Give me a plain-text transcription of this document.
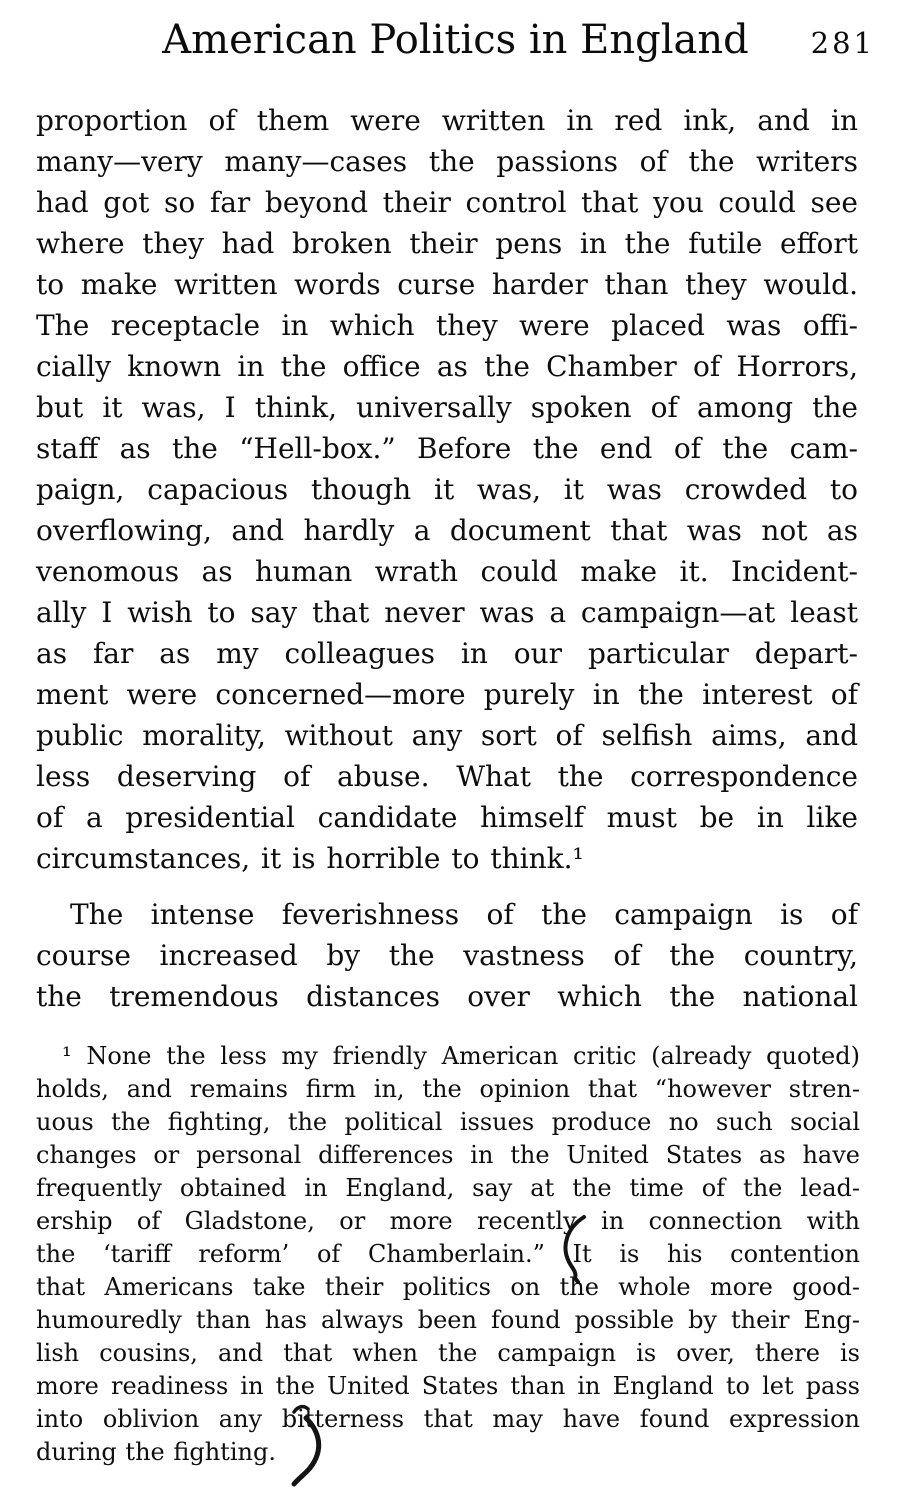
American Politics in England	281
proportion of them were written in red ink, and in
many—very many—cases the passions of the writers
had got so far beyond their control that you could see
where they had broken their pens in the futile effort
to make written words curse harder than they would.
The receptacle in which they were placed was offi-
cially known in the office as the Chamber of Horrors,
but it was, I think, universally spoken of among the
staff as the “Hell-box.” Before the end of the cam-
paign, capacious though it was, it was crowded to
overflowing, and hardly a document that was not as
venomous as human wrath could make it. Incident-
ally I wish to say that never was a campaign—at least
as far as my colleagues in our particular depart-
ment were concerned—more purely in the interest of
public morality, without any sort of selfish aims, and
less deserving of abuse. What the correspondence
of a presidential candidate himself must be in like
circumstances, it is horrible to think.¹
The intense feverishness of the campaign is of
course increased by the vastness of the country,
the tremendous distances over which the national
¹ None the less my friendly American critic (already quoted)
holds, and remains firm in, the opinion that “however stren-
uous the fighting, the political issues produce no such social
changes or personal differences in the United States as have
frequently obtained in England, say at the time of the lead-
ership of Gladstone, or more recently in connection with
the ‘tariff reform’ of Chamberlain.” It is his contention
that Americans take their politics on the whole more good-
humouredly than has always been found possible by their Eng-
lish cousins, and that when the campaign is over, there is
more readiness in the United States than in England to let pass
into oblivion any bitterness that may have found expression
during the fighting.
